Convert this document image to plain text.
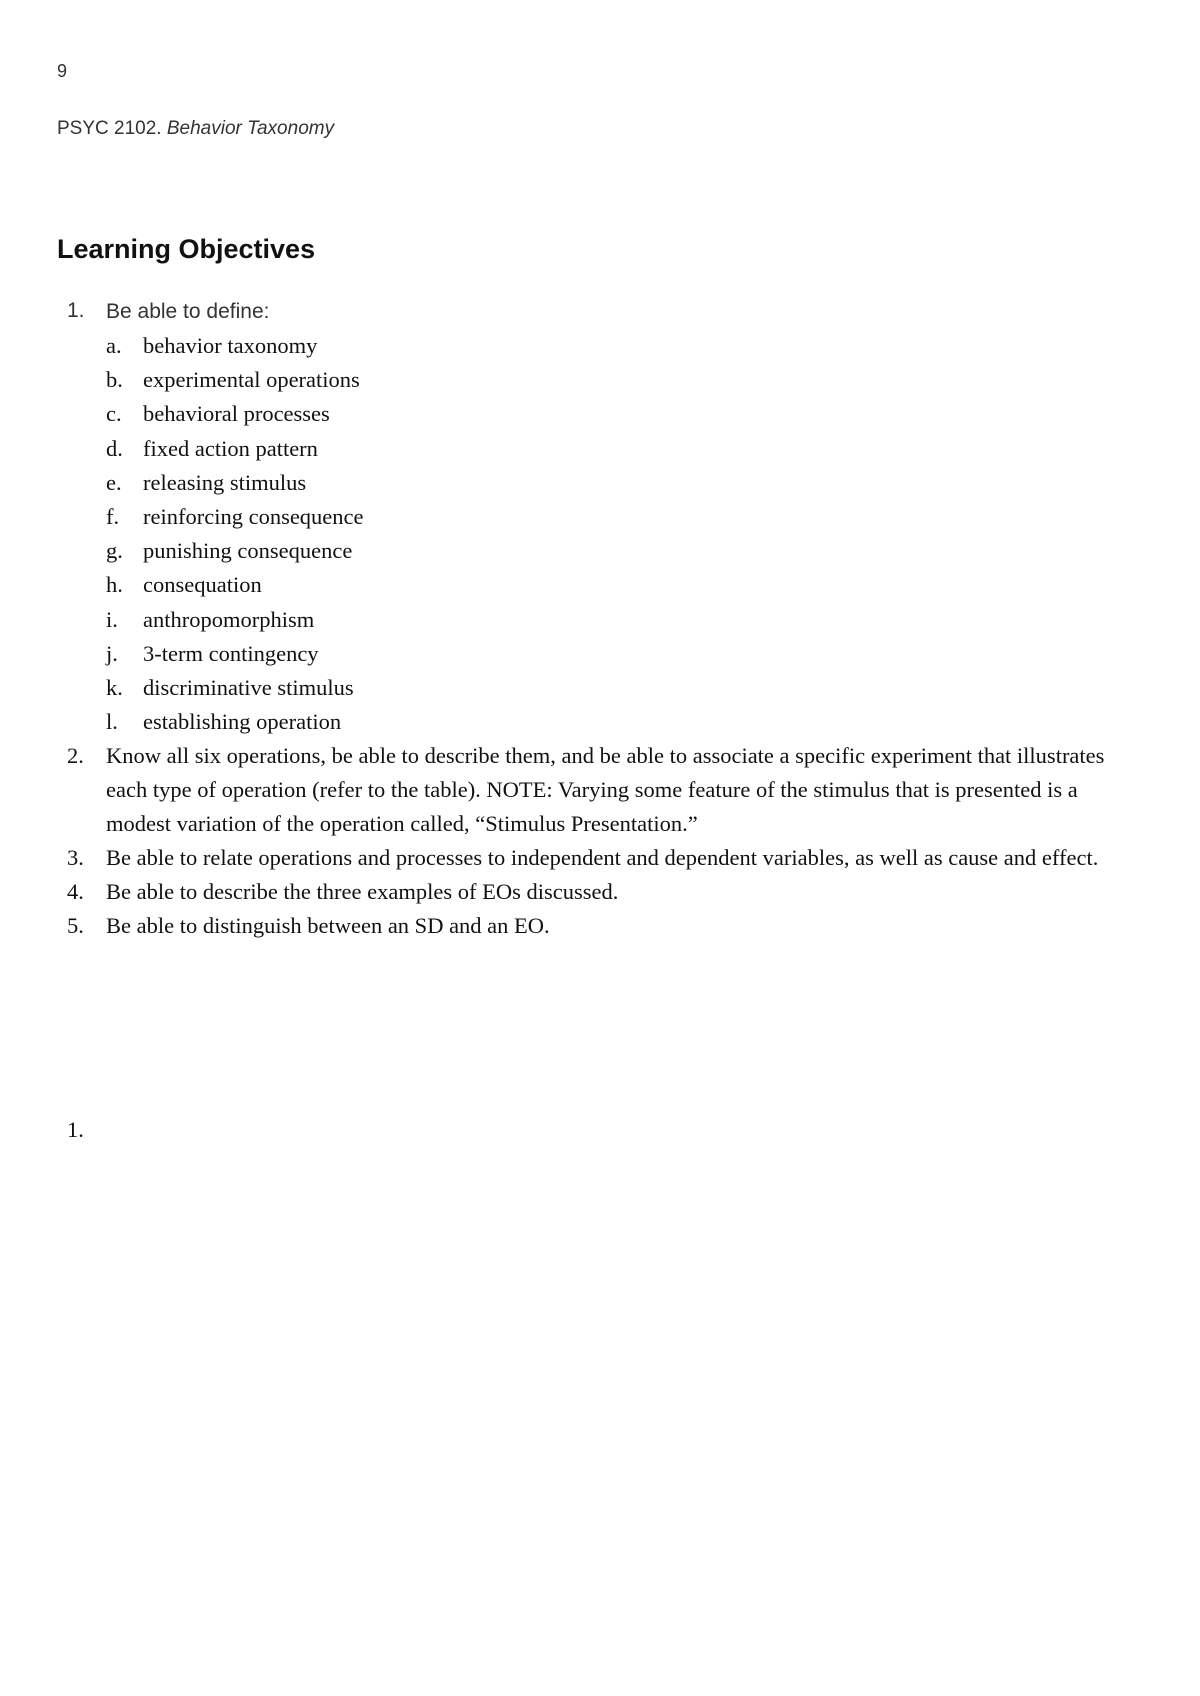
9
PSYC 2102. Behavior Taxonomy
Learning Objectives
1. Be able to define:
a. behavior taxonomy
b. experimental operations
c. behavioral processes
d. fixed action pattern
e. releasing stimulus
f. reinforcing consequence
g. punishing consequence
h. consequation
i. anthropomorphism
j. 3-term contingency
k. discriminative stimulus
l. establishing operation
2. Know all six operations, be able to describe them, and be able to associate a specific experiment that illustrates each type of operation (refer to the table). NOTE: Varying some feature of the stimulus that is presented is a modest variation of the operation called, “Stimulus Presentation.”
3. Be able to relate operations and processes to independent and dependent variables, as well as cause and effect.
4. Be able to describe the three examples of EOs discussed.
5. Be able to distinguish between an SD and an EO.
1.
